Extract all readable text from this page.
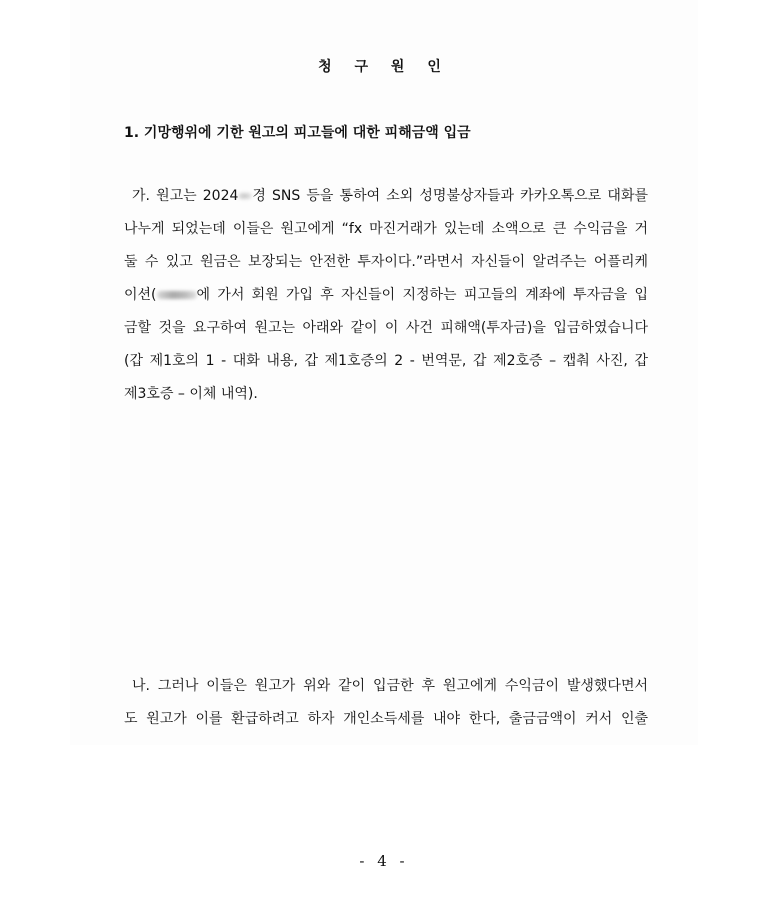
청 구 원 인
1. 기망행위에 기한 원고의 피고들에 대한 피해금액 입금
가. 원고는 2024 경 SNS 등을 통하여 소외 성명불상자들과 카카오톡으로 대화를
나누게 되었는데 이들은 원고에게 “fx 마진거래가 있는데 소액으로 큰 수익금을 거
둘 수 있고 원금은 보장되는 안전한 투자이다.”라면서 자신들이 알려주는 어플리케
이션(	에 가서 회원 가입 후 자신들이 지정하는 피고들의 계좌에 투자금을 입
금할 것을 요구하여 원고는 아래와 같이 이 사건 피해액(투자금)을 입금하였습니다
(갑 제1호의 1 - 대화 내용, 갑 제1호증의 2 - 번역문, 갑 제2호증 – 캡춰 사진, 갑
제3호증 – 이체 내역).
나. 그러나 이들은 원고가 위와 같이 입금한 후 원고에게 수익금이 발생했다면서
도 원고가 이를 환급하려고 하자 개인소득세를 내야 한다, 출금금액이 커서 인출
- 4 -
